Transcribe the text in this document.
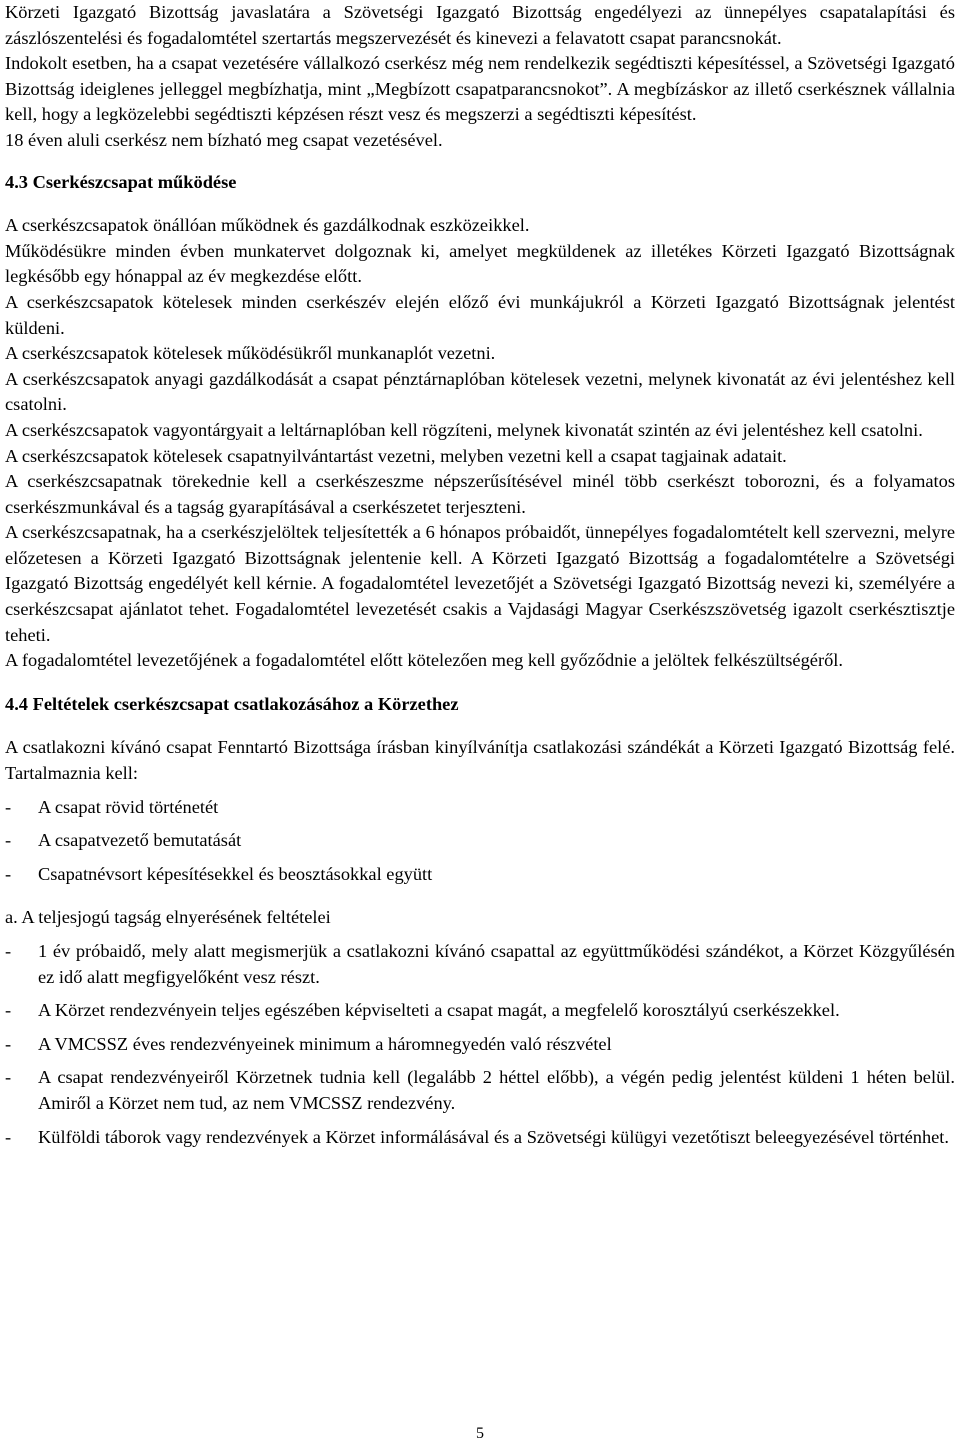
Körzeti Igazgató Bizottság javaslatára a Szövetségi Igazgató Bizottság engedélyezi az ünnepélyes csapatalapítási és zászlószentelési és fogadalomtétel szertartás megszervezését és kinevezi a felavatott csapat parancsnokát.

Indokolt esetben, ha a csapat vezetésére vállalkozó cserkész még nem rendelkezik segédtiszti képesítéssel, a Szövetségi Igazgató Bizottság ideiglenes jelleggel megbízhatja, mint „Megbízott csapatparancsnokot”. A megbízáskor az illető cserkésznek vállalnia kell, hogy a legközelebbi segédtiszti képzésen részt vesz és megszerzi a segédtiszti képesítést.

18 éven aluli cserkész nem bízható meg csapat vezetésével.

4.3 Cserkészcsapat működése

A cserkészcsapatok önállóan működnek és gazdálkodnak eszközeikkel.

Működésükre minden évben munkatervet dolgoznak ki, amelyet megküldenek az illetékes Körzeti Igazgató Bizottságnak legkésőbb egy hónappal az év megkezdése előtt.

A cserkészcsapatok kötelesek minden cserkészév elején előző évi munkájukról a Körzeti Igazgató Bizottságnak jelentést küldeni.

A cserkészcsapatok kötelesek működésükről munkanaplót vezetni.

A cserkészcsapatok anyagi gazdálkodását a csapat pénztárnaplóban kötelesek vezetni, melynek kivonatát az évi jelentéshez kell csatolni.

A cserkészcsapatok vagyontárgyait a leltárnaplóban kell rögzíteni, melynek kivonatát szintén az évi jelentéshez kell csatolni.

A cserkészcsapatok kötelesek csapatnyilvántartást vezetni, melyben vezetni kell a csapat tagjainak adatait.

A cserkészcsapatnak törekednie kell a cserkészeszme népszerűsítésével minél több cserkészt toborozni, és a folyamatos cserkészmunkával és a tagság gyarapításával a cserkészetet terjeszteni.

A cserkészcsapatnak, ha a cserkészjelöltek teljesítették a 6 hónapos próbaidőt, ünnepélyes fogadalomtételt kell szervezni, melyre előzetesen a Körzeti Igazgató Bizottságnak jelentenie kell. A Körzeti Igazgató Bizottság a fogadalomtételre a Szövetségi Igazgató Bizottság engedélyét kell kérnie. A fogadalomtétel levezetőjét a Szövetségi Igazgató Bizottság nevezi ki, személyére a cserkészcsapat ajánlatot tehet. Fogadalomtétel levezetését csakis a Vajdasági Magyar Cserkészszövetség igazolt cserkésztisztje teheti.

A fogadalomtétel levezetőjének a fogadalomtétel előtt kötelezően meg kell győződnie a jelöltek felkészültségéről.

4.4 Feltételek cserkészcsapat csatlakozásához a Körzethez

A csatlakozni kívánó csapat Fenntartó Bizottsága írásban kinyílvánítja csatlakozási szándékát a Körzeti Igazgató Bizottság felé. Tartalmaznia kell:

- A csapat rövid történetét
- A csapatvezető bemutatását
- Csapatnévsort képesítésekkel és beosztásokkal együtt

a. A teljesjogú tagság elnyerésének feltételei

- 1 év próbaidő, mely alatt megismerjük a csatlakozni kívánó csapattal az együttműködési szándékot, a Körzet Közgyűlésén ez idő alatt megfigyelőként vesz részt.
- A Körzet rendezvényein teljes egészében képviselteti a csapat magát, a megfelelő korosztályú cserkészekkel.
- A VMCSSZ éves rendezvényeinek minimum a háromnegyedén való részvétel
- A csapat rendezvényeiről Körzetnek tudnia kell (legalább 2 héttel előbb), a végén pedig jelentést küldeni 1 héten belül. Amiről a Körzet nem tud, az nem VMCSSZ rendezvény.
- Külföldi táborok vagy rendezvények a Körzet informálásával és a Szövetségi külügyi vezetőtiszt beleegyezésével történhet.
5
